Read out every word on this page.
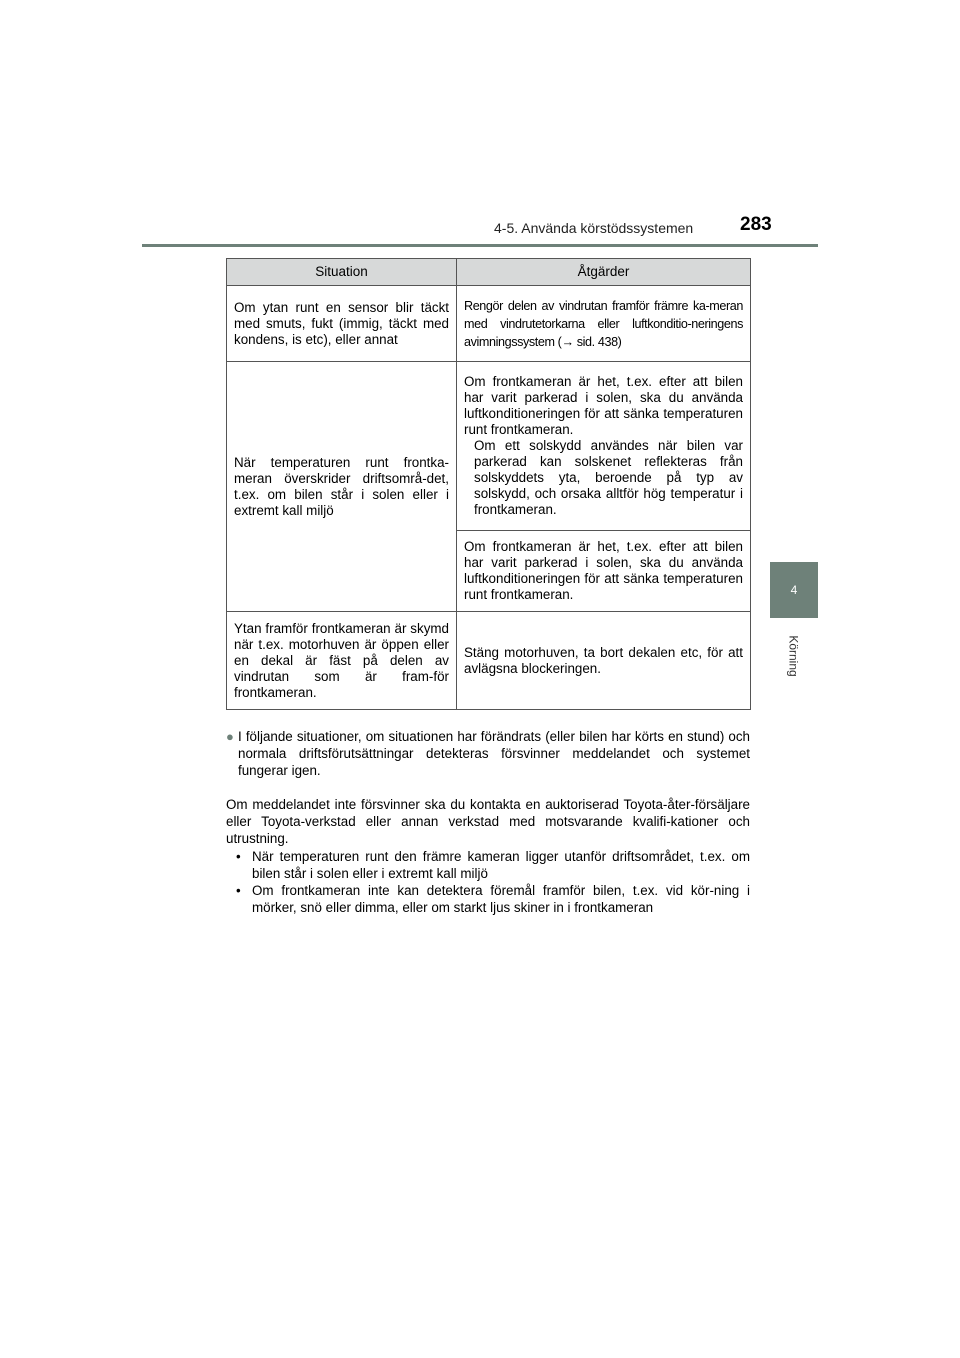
4-5. Använda körstödssystemen 283
4
Körning
Situation	Åtgärder
Om ytan runt en sensor blir täckt med smuts, fukt (immig, täckt med kondens, is etc), eller annat	Rengör delen av vindrutan framför främre ka-meran med vindrutetorkarna eller luftkonditio-neringens avimningssystem (→ sid. 438)
När temperaturen runt frontka-meran överskrider driftsområ-det, t.ex. om bilen står i solen eller i extremt kall miljö	Om frontkameran är het, t.ex. efter att bilen har varit parkerad i solen, ska du använda luftkonditioneringen för att sänka temperaturen runt frontkameran.
Om ett solskydd användes när bilen var parkerad kan solskenet reflekteras från solskyddets yta, beroende på typ av solskydd, och orsaka alltför hög temperatur i frontkameran.

	Om frontkameran är het, t.ex. efter att bilen har varit parkerad i solen, ska du använda luftkonditioneringen för att sänka temperaturen runt frontkameran.
Ytan framför frontkameran är skymd när t.ex. motorhuven är öppen eller en dekal är fäst på delen av vindrutan som är fram-för frontkameran.	Stäng motorhuven, ta bort dekalen etc, för att avlägsna blockeringen.
● I följande situationer, om situationen har förändrats (eller bilen har körts en stund) och normala driftsförutsättningar detekteras försvinner meddelandet och systemet fungerar igen.
Om meddelandet inte försvinner ska du kontakta en auktoriserad Toyota-åter-försäljare eller Toyota-verkstad eller annan verkstad med motsvarande kvalifi-kationer och utrustning.
• När temperaturen runt den främre kameran ligger utanför driftsområdet, t.ex. om bilen står i solen eller i extremt kall miljö
• Om frontkameran inte kan detektera föremål framför bilen, t.ex. vid kör-ning i mörker, snö eller dimma, eller om starkt ljus skiner in i frontkameran
